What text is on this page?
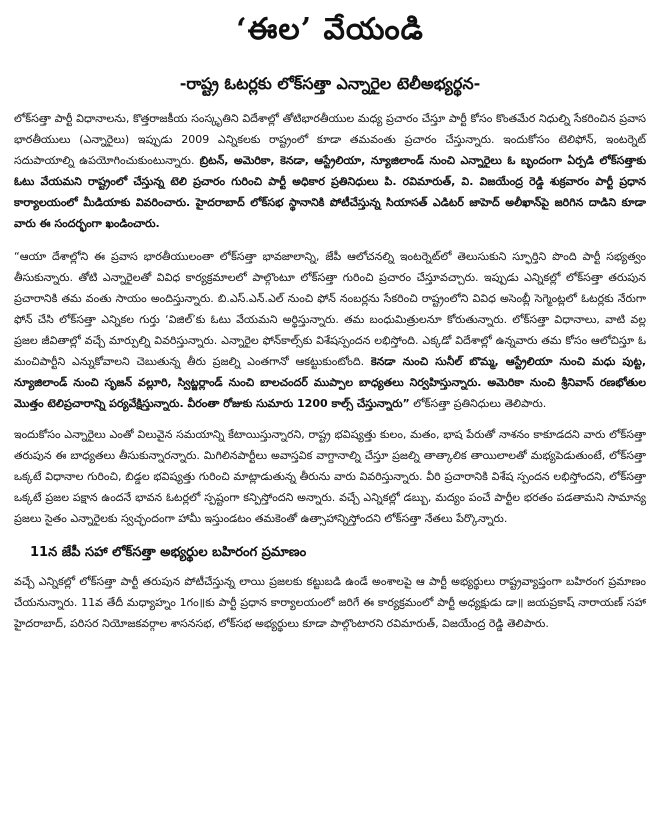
‘ఈల’ వేయండి
-రాష్ట్ర ఓటర్లకు లోక్‌సత్తా ఎన్నారైల టెలీఅభ్యర్థన-

లోక్‌సత్తా పార్టీ విధానాలను, కొత్తరాజకీయ సంస్కృతిని విదేశాల్లో తోటిభారతీయుల మధ్య ప్రచారం చేస్తూ పార్టీ కోసం కొంతమేర నిధుల్ని సేకరించిన ప్రవాస భారతీయులు (ఎన్నారైలు) ఇప్పుడు 2009 ఎన్నికలకు రాష్ట్రంలో కూడా తమవంతు ప్రచారం చేస్తున్నారు. ఇందుకోసం టెలిఫోన్, ఇంటర్నెట్ సదుపాయాల్ని ఉపయోగించుకుంటున్నారు. బ్రిటన్, అమెరికా, కెనడా, ఆస్ట్రేలియా, న్యూజిలాండ్ నుంచి ఎన్నారైలు ఓ బృందంగా ఏర్పడి లోక్‌సత్తాకు ఓటు వేయమని రాష్ట్రంలో చేస్తున్న టెలి ప్రచారం గురించి పార్టీ అధికార ప్రతినిధులు పి. రవిమారుత్, వి. విజయేంద్ర రెడ్డి శుక్రవారం పార్టీ ప్రధాన కార్యాలయంలో మీడియాకు వివరించారు. హైదరాబాద్ లోక్‌సభ స్థానానికి పోటీచేస్తున్న సియాసత్ ఎడిటర్ జాహెద్ అలీఖాన్‌పై జరిగిన దాడిని కూడా వారు ఈ సందర్భంగా ఖండించారు.

“ఆయా దేశాల్లోని ఈ ప్రవాస భారతీయులంతా లోక్‌సత్తా భావజాలాన్ని, జేపీ ఆలోచనల్ని ఇంటర్నెట్‌లో తెలుసుకుని స్ఫూర్తిని పొంది పార్టీ సభ్యత్వం తీసుకున్నారు. తోటి ఎన్నారైలతో వివిధ కార్యక్రమాలలో పాల్గొంటూ లోక్‌సత్తా గురించి ప్రచారం చేస్తూవచ్చారు. ఇప్పుడు ఎన్నికల్లో లోక్‌సత్తా తరుపున ప్రచారానికి తమ వంతు సాయం అందిస్తున్నారు. బి.ఎస్.ఎన్.ఎల్ నుంచి ఫోన్ నంబర్లను సేకరించి రాష్ట్రంలోని వివిధ అసెంబ్లీ సెగ్మెంట్లలో ఓటర్లకు నేరుగా ఫోన్ చేసి లోక్‌సత్తా ఎన్నికల గుర్తు ‘విజిల్’కు ఓటు వేయమని అర్థిస్తున్నారు. తమ బంధుమిత్రులనూ కోరుతున్నారు. లోక్‌సత్తా విధానాలు, వాటి వల్ల ప్రజల జీవితాల్లో వచ్చే మార్పుల్ని వివరిస్తున్నారు. ఎన్నారైల ఫోన్‌కాల్స్‌కు విశేషస్పందన లభిస్తోంది. ఎక్కడో విదేశాల్లో ఉన్నవారు తమ కోసం ఆలోచిస్తూ ఓ మంచిపార్టీని ఎన్నుకోవాలని చెబుతున్న తీరు ప్రజల్ని ఎంతగానో ఆకట్టుకుంటోంది. కెనడా నుంచి సునీల్ బొమ్మ, ఆస్ట్రేలియా నుంచి మధు పుట్ట, న్యూజిలాండ్ నుంచి సృజన్ వల్లూరి, స్విట్జర్లాండ్ నుంచి బాలచందర్ ముప్పాల బాధ్యతలు నిర్వహిస్తున్నారు. అమెరికా నుంచి శ్రీనివాస్ రణభోతుల మొత్తం టెలిప్రచారాన్ని పర్యవేక్షిస్తున్నారు. వీరంతా రోజుకు సుమారు 1200 కాల్స్ చేస్తున్నారు” లోక్‌సత్తా ప్రతినిధులు తెలిపారు.

ఇందుకోసం ఎన్నారైలు ఎంతో విలువైన సమయాన్ని కేటాయిస్తున్నారని, రాష్ట్ర భవిష్యత్తు కులం, మతం, భాష పేరుతో నాశనం కాకూడదని వారు లోక్‌సత్తా తరుపున ఈ బాధ్యతలు తీసుకున్నారన్నారు. మిగిలినపార్టీలు అవాస్తవిక వాగ్దానాల్ని చేస్తూ ప్రజల్ని తాత్కాలిక తాయిలాలతో మభ్యపెడుతుంటే, లోక్‌సత్తా ఒక్కటే విధానాల గురించి, బిడ్డల భవిష్యత్తు గురించి మాట్లాడుతున్న తీరును వారు వివరిస్తున్నారు. వీరి ప్రచారానికి విశేష స్పందన లభిస్తోందని, లోక్‌సత్తా ఒక్కటే ప్రజల పక్షాన ఉందనే భావన ఓటర్లలో స్పష్టంగా కన్పిస్తోందని అన్నారు. వచ్చే ఎన్నికల్లో డబ్బు, మద్యం పంచే పార్టీల భరతం పడతామని సామాన్య ప్రజలు సైతం ఎన్నారైలకు స్వచ్ఛందంగా హామీ ఇస్తుండటం తమకెంతో ఉత్సాహాన్నిస్తోందని లోక్‌సత్తా నేతలు పేర్కొన్నారు.

11న జేపీ సహా లోక్‌సత్తా అభ్యర్థుల బహిరంగ ప్రమాణం

వచ్చే ఎన్నికల్లో లోక్‌సత్తా పార్టీ తరుపున పోటీచేస్తున్న లాయి ప్రజలకు కట్టుబడి ఉండే అంశాలపై ఆ పార్టీ అభ్యర్థులు రాష్ట్రవ్యాప్తంగా బహిరంగ ప్రమాణం చేయనున్నారు. 11వ తేదీ మధ్యాహ్నం 1గం॥కు పార్టీ ప్రధాన కార్యాలయంలో జరిగే ఈ కార్యక్రమంలో పార్టీ అధ్యక్షుడు డా॥ జయప్రకాష్ నారాయణ్ సహా హైదరాబాద్, పరిసర నియోజకవర్గాల శాసనసభ, లోక్‌సభ అభ్యర్థులు కూడా పాల్గొంటారని రవిమారుత్, విజయేంద్ర రెడ్డి తెలిపారు.
